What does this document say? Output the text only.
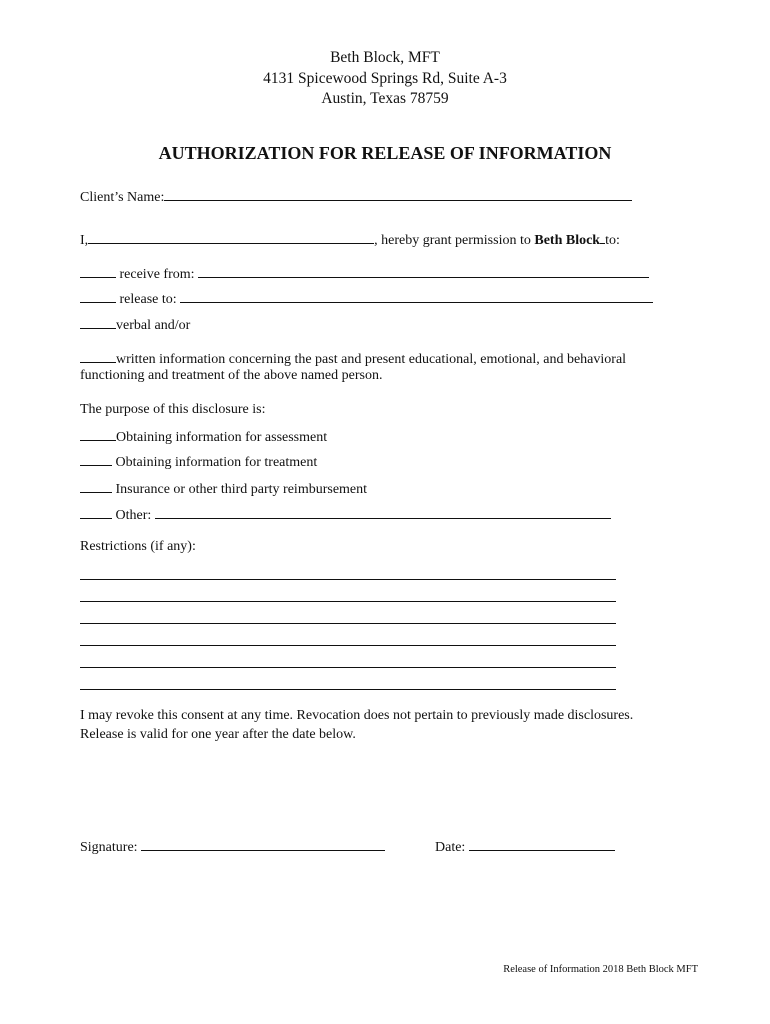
Beth Block, MFT
4131 Spicewood Springs Rd, Suite A-3
Austin, Texas 78759
AUTHORIZATION FOR RELEASE OF INFORMATION
Client’s Name:
I,	, hereby grant permission to Beth Block to:
receive from:
release to:
verbal and/or
written information concerning the past and present educational, emotional, and behavioral
functioning and treatment of the above named person.
The purpose of this disclosure is:
Obtaining information for assessment
Obtaining information for treatment
Insurance or other third party reimbursement
Other:
Restrictions (if any):
I may revoke this consent at any time. Revocation does not pertain to previously made disclosures.
Release is valid for one year after the date below.
Signature:	Date:
Release of Information 2018 Beth Block MFT
